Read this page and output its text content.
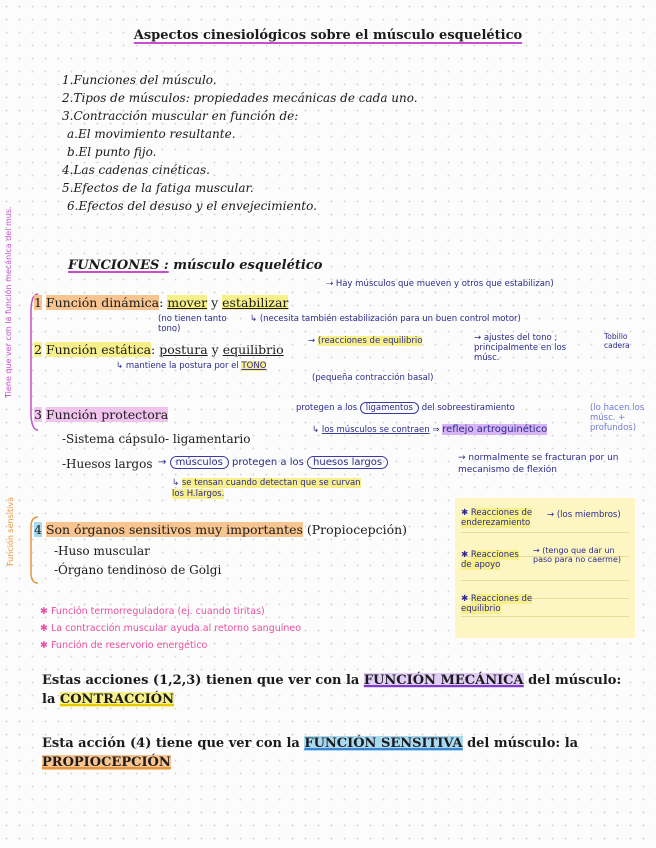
Aspectos cinesiológicos sobre el músculo esquelético
1.Funciones del músculo.
2.Tipos de músculos: propiedades mecánicas de cada uno.
3.Contracción muscular en función de:
a.El movimiento resultante.
b.El punto fijo.
4.Las cadenas cinéticas.
5.Efectos de la fatiga muscular.
6.Efectos del desuso y el envejecimiento.
FUNCIONES : músculo esquelético
Tiene que ver con la función mecánica del mus.
Función sensitiva
1 Función dinámica: mover y estabilizar
⇢ Hay músculos que mueven y otros que estabilizan)
(no tienen tanto tono)
↳ (necesita también estabilización para un buen control motor)
2 Función estática: postura y equilibrio
→ (reacciones de equilibrio	→ ajustes del tono ; principalmente en los músc.
Tobillo cadera
↳ mantiene la postura por el TONO
(pequeña contracción basal)
3 Función protectora
-Sistema cápsulo- ligamentario
-Huesos largos
protegen a los ligamentos del sobreestiramiento
↳ los músculos se contraen ⇒ reflejo artroguinético
(lo hacen los músc. + profundos)
→ músculos protegen a los huesos largos	→ normalmente se fracturan por un mecanismo de flexión
↳ se tensan cuando detectan que se curvan los H.largos.
4 Son órganos sensitivos muy importantes (Propiocepción)
-Huso muscular
-Órgano tendinoso de Golgi
✱ Reacciones de enderezamiento
→ (los miembros)
✱ Reacciones de apoyo
→ (tengo que dar un paso para no caerme)
✱ Reacciones de equilibrio
✱ Función termorreguladora (ej. cuando tiritas)
✱ La contracción muscular ayuda al retorno sanguíneo
✱ Función de reservorio energético
Estas acciones (1,2,3) tienen que ver con la FUNCIÓN MECÁNICA del músculo:
la CONTRACCIÓN
Esta acción (4) tiene que ver con la FUNCIÓN SENSITIVA del músculo: la
PROPIOCEPCIÓN
